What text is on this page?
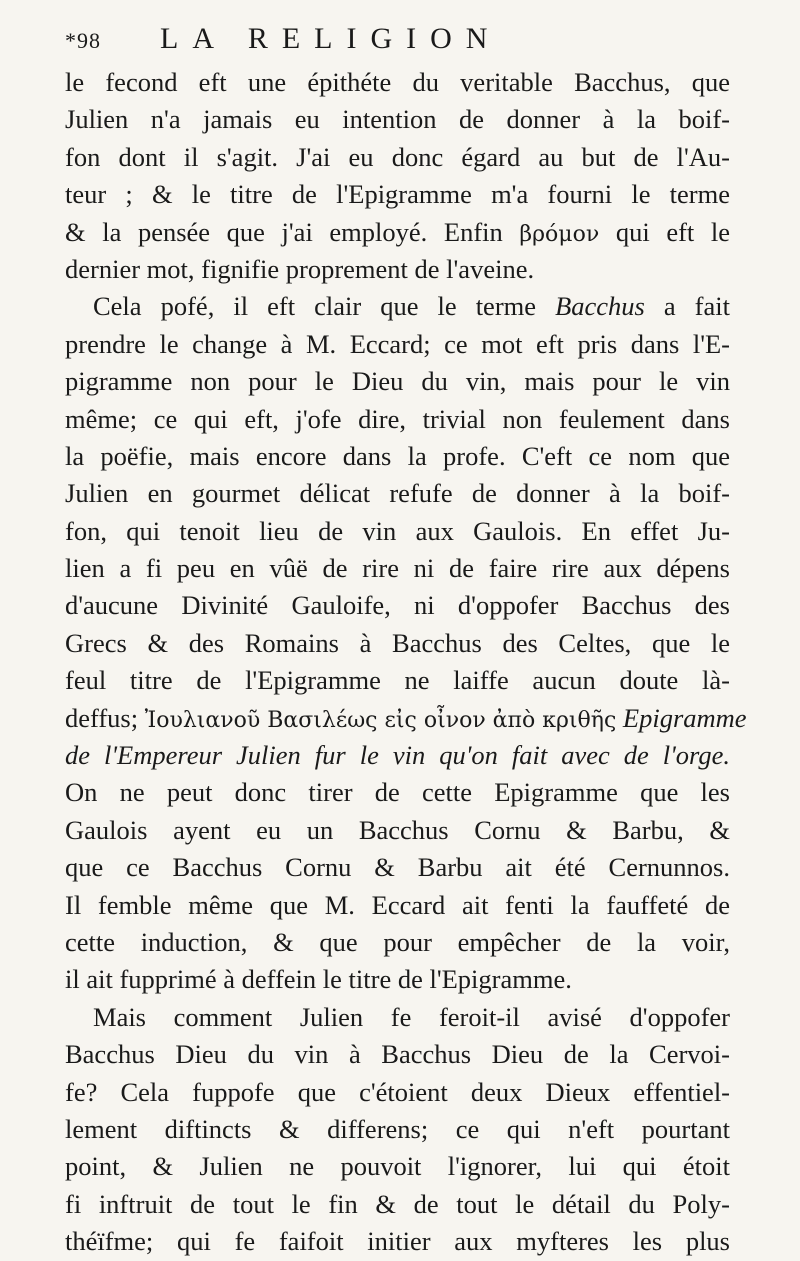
*98	LA RELIGION
le fecond eft une épithéte du veritable Bacchus, que
Julien n'a jamais eu intention de donner à la boif-
fon dont il s'agit. J'ai eu donc égard au but de l'Au-
teur ; & le titre de l'Epigramme m'a fourni le terme
& la pensée que j'ai employé. Enfin βρόμον qui eft le
dernier mot, fignifie proprement de l'aveine.
Cela pofé, il eft clair que le terme Bacchus a fait
prendre le change à M. Eccard; ce mot eft pris dans l'E-
pigramme non pour le Dieu du vin, mais pour le vin
même; ce qui eft, j'ofe dire, trivial non feulement dans
la poëfie, mais encore dans la profe. C'eft ce nom que
Julien en gourmet délicat refufe de donner à la boif-
fon, qui tenoit lieu de vin aux Gaulois. En effet Ju-
lien a fi peu en vûë de rire ni de faire rire aux dépens
d'aucune Divinité Gauloife, ni d'oppofer Bacchus des
Grecs & des Romains à Bacchus des Celtes, que le
feul titre de l'Epigramme ne laiffe aucun doute là-
deffus; Ἰουλιανοῦ Βασιλέως εἰς οἶνον ἀπὸ κριθῆς Epigramme
de l'Empereur Julien fur le vin qu'on fait avec de l'orge.
On ne peut donc tirer de cette Epigramme que les
Gaulois ayent eu un Bacchus Cornu & Barbu, &
que ce Bacchus Cornu & Barbu ait été Cernunnos.
Il femble même que M. Eccard ait fenti la fauffeté de
cette induction, & que pour empêcher de la voir,
il ait fupprimé à deffein le titre de l'Epigramme.
Mais comment Julien fe feroit-il avisé d'oppofer
Bacchus Dieu du vin à Bacchus Dieu de la Cervoi-
fe? Cela fuppofe que c'étoient deux Dieux effentiel-
lement diftincts & differens; ce qui n'eft pourtant
point, & Julien ne pouvoit l'ignorer, lui qui étoit
fi inftruit de tout le fin & de tout le détail du Poly-
théïfme; qui fe faifoit initier aux myfteres les plus
